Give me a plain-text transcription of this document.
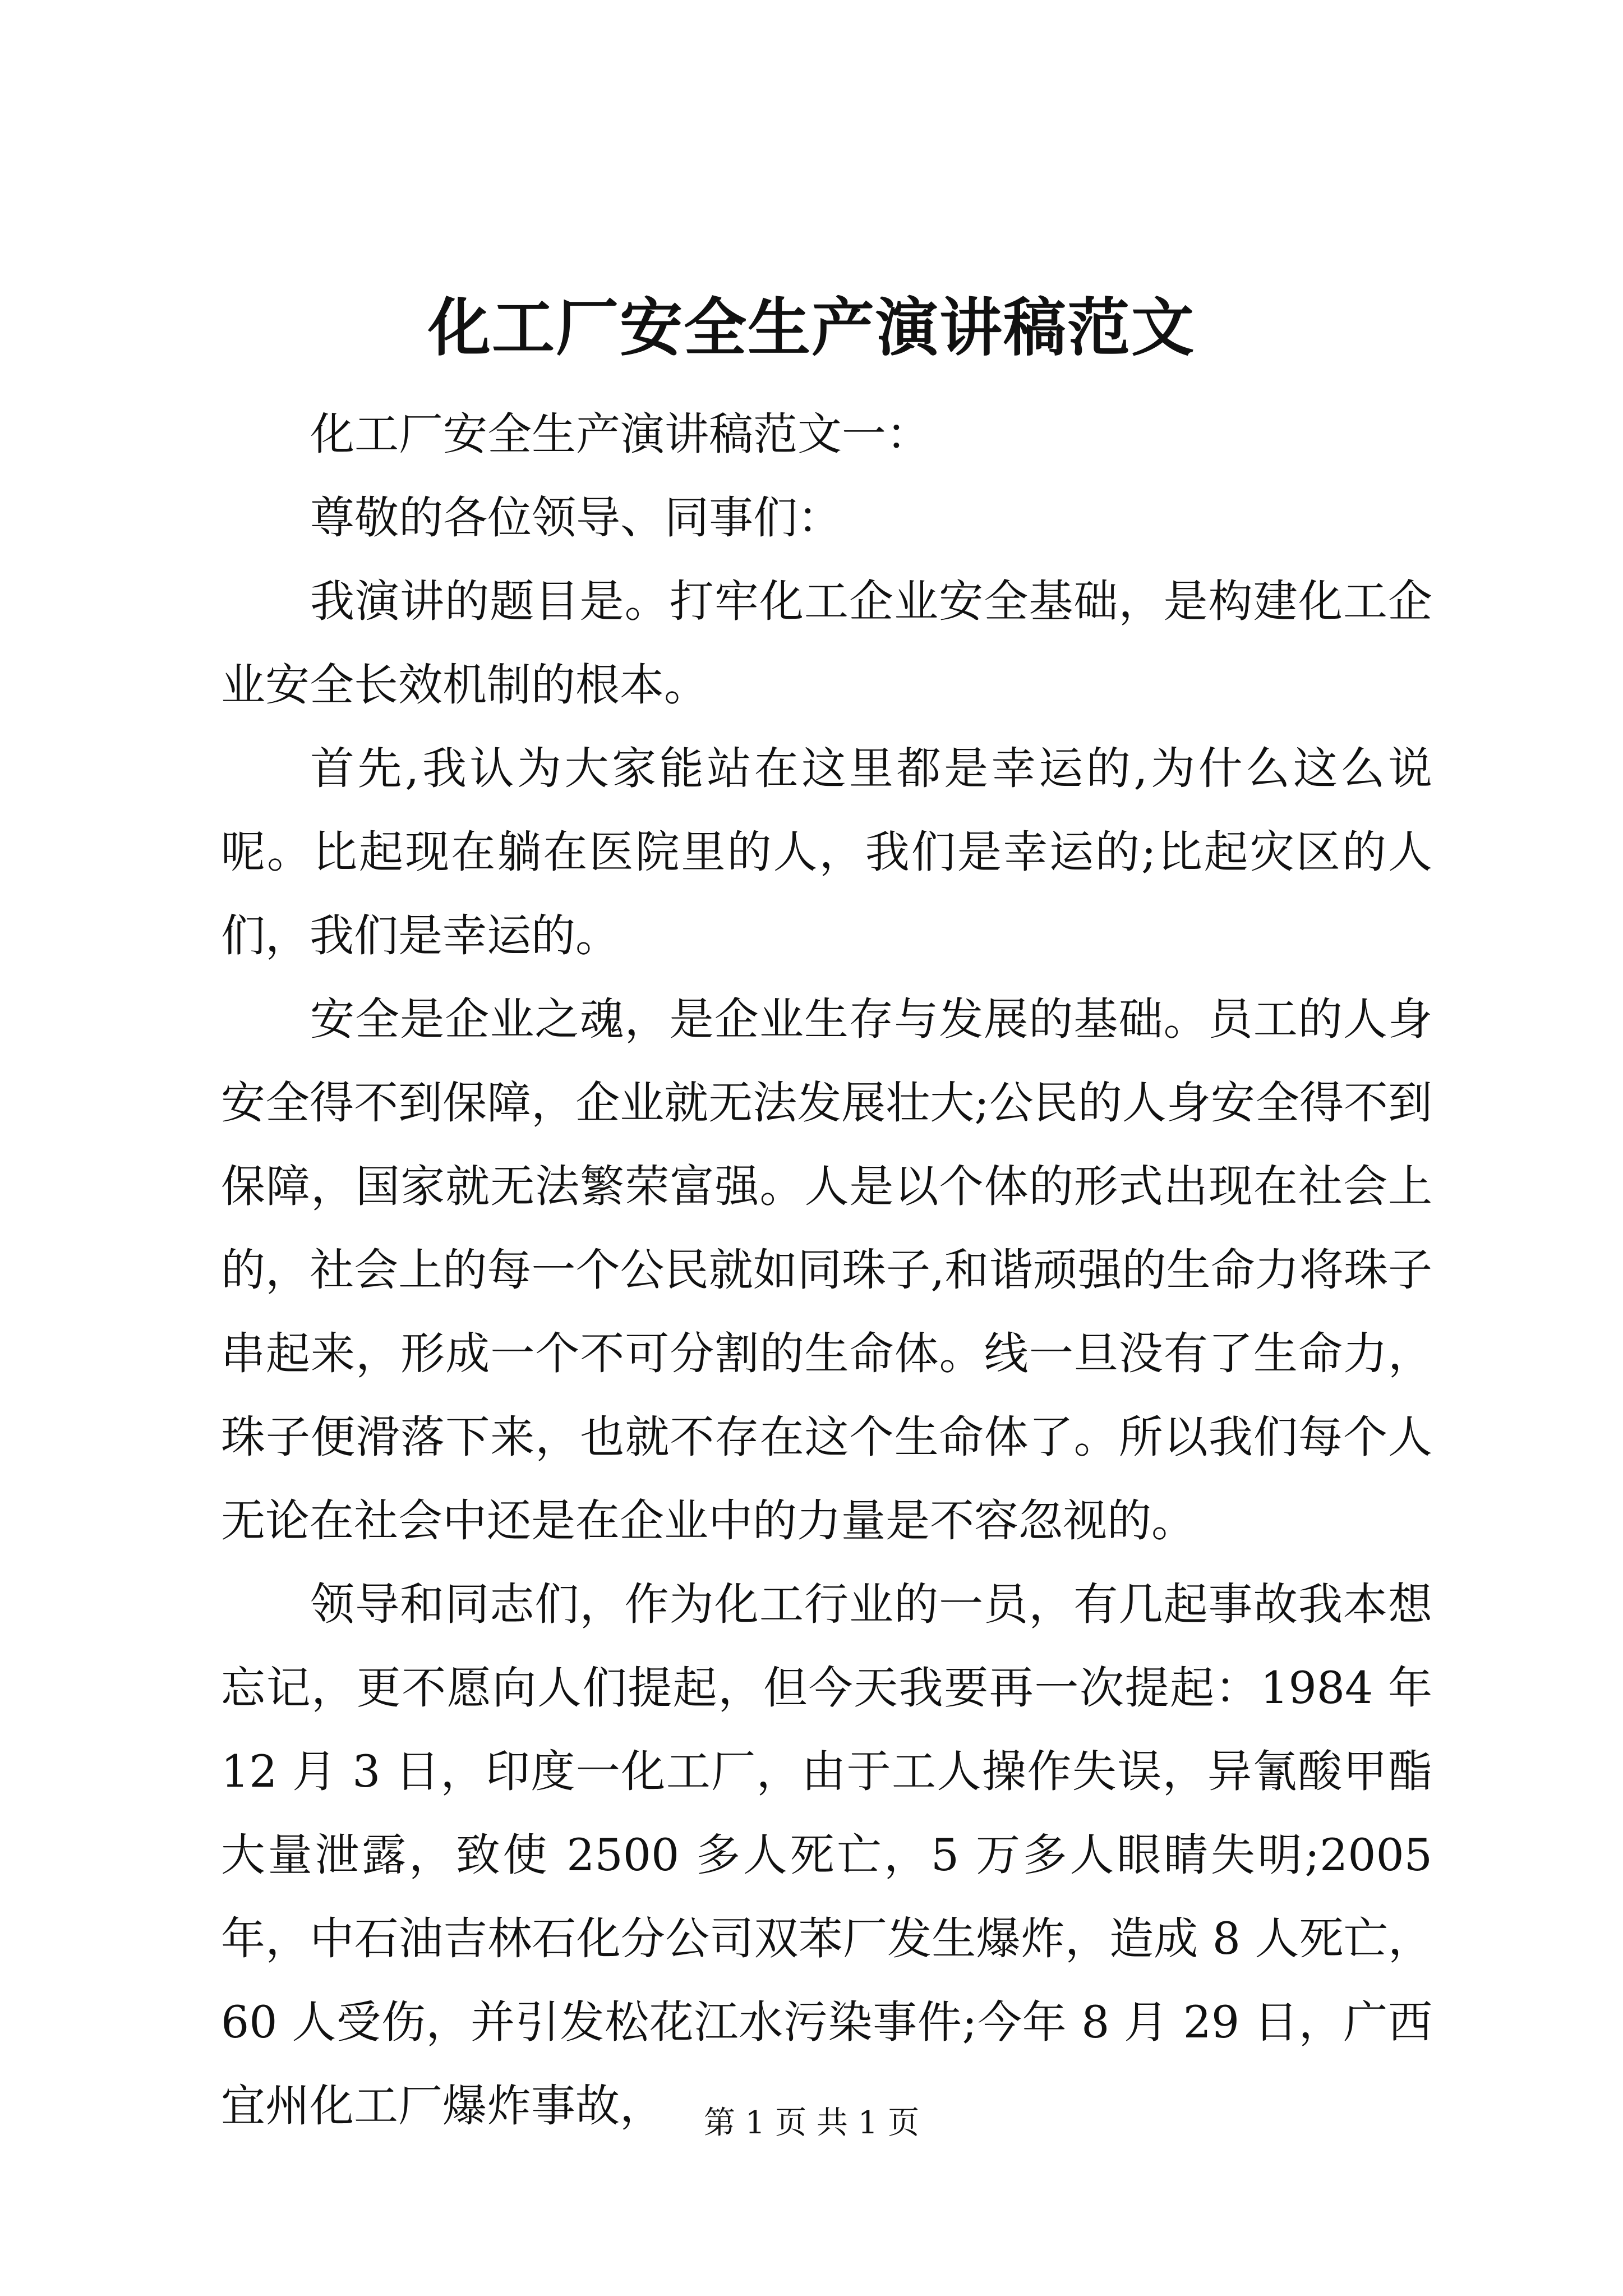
化工厂安全生产演讲稿范文

化工厂安全生产演讲稿范文一：

尊敬的各位领导、同事们：

我演讲的题目是。打牢化工企业安全基础，是构建化工企业安全长效机制的根本。

首先,我认为大家能站在这里都是幸运的,为什么这么说呢。比起现在躺在医院里的人，我们是幸运的;比起灾区的人们，我们是幸运的。

安全是企业之魂，是企业生存与发展的基础。员工的人身安全得不到保障，企业就无法发展壮大;公民的人身安全得不到保障，国家就无法繁荣富强。人是以个体的形式出现在社会上的，社会上的每一个公民就如同珠子,和谐顽强的生命力将珠子串起来，形成一个不可分割的生命体。线一旦没有了生命力，珠子便滑落下来，也就不存在这个生命体了。所以我们每个人无论在社会中还是在企业中的力量是不容忽视的。

领导和同志们，作为化工行业的一员，有几起事故我本想忘记，更不愿向人们提起，但今天我要再一次提起：1984 年 12 月 3 日，印度一化工厂，由于工人操作失误，异氰酸甲酯大量泄露，致使 2500 多人死亡，5 万多人眼睛失明;2005 年，中石油吉林石化分公司双苯厂发生爆炸，造成 8 人死亡，60 人受伤，并引发松花江水污染事件;今年 8 月 29 日，广西宜州化工厂爆炸事故，	第 1 页 共 1 页
